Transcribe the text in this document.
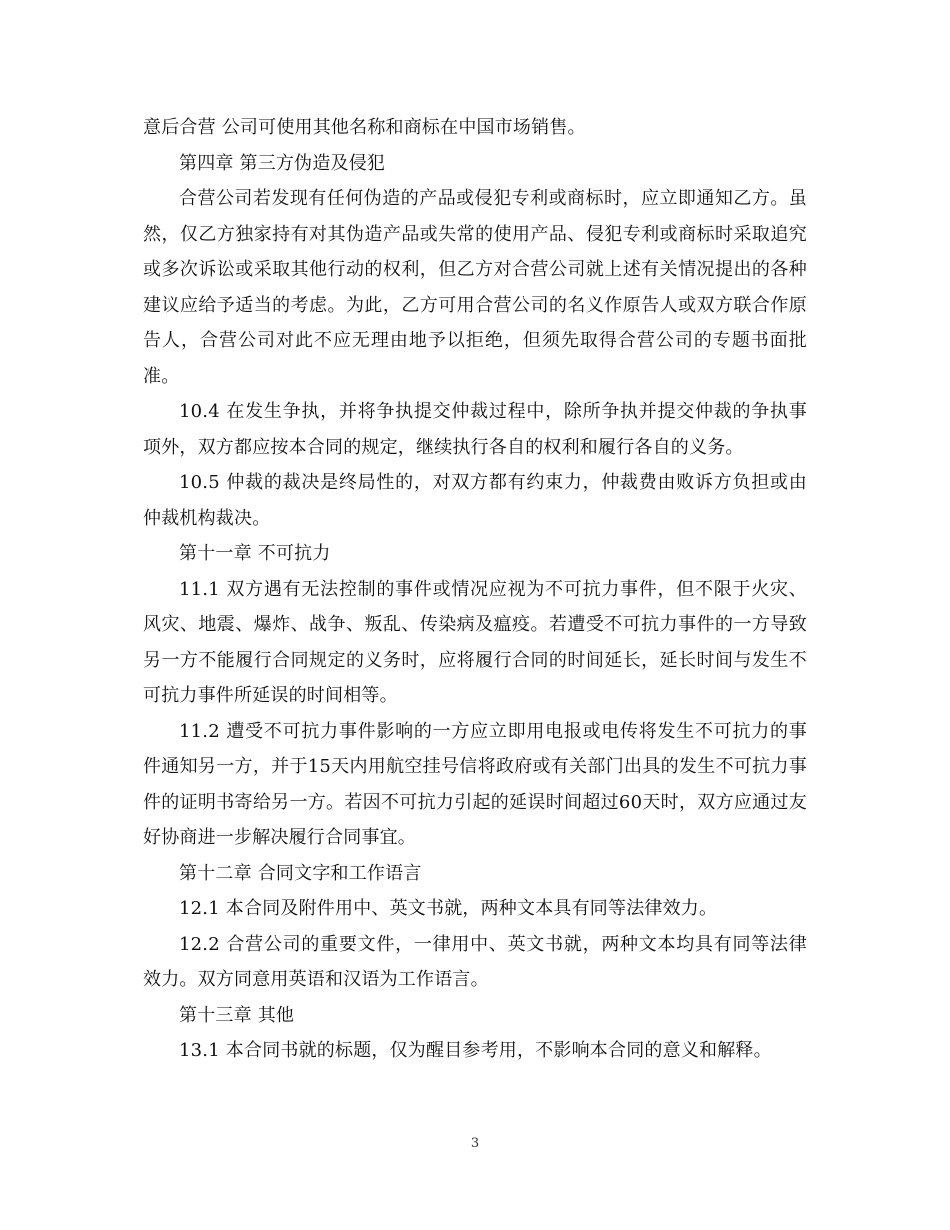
意后合营 公司可使用其他名称和商标在中国市场销售。

第四章 第三方伪造及侵犯

合营公司若发现有任何伪造的产品或侵犯专利或商标时，应立即通知乙方。虽然，仅乙方独家持有对其伪造产品或失常的使用产品、侵犯专利或商标时采取追究或多次诉讼或采取其他行动的权利，但乙方对合营公司就上述有关情况提出的各种建议应给予适当的考虑。为此，乙方可用合营公司的名义作原告人或双方联合作原告人，合营公司对此不应无理由地予以拒绝，但须先取得合营公司的专题书面批准。

10.4 在发生争执，并将争执提交仲裁过程中，除所争执并提交仲裁的争执事项外，双方都应按本合同的规定，继续执行各自的权利和履行各自的义务。

10.5 仲裁的裁决是终局性的，对双方都有约束力，仲裁费由败诉方负担或由仲裁机构裁决。

第十一章 不可抗力

11.1 双方遇有无法控制的事件或情况应视为不可抗力事件，但不限于火灾、风灾、地震、爆炸、战争、叛乱、传染病及瘟疫。若遭受不可抗力事件的一方导致另一方不能履行合同规定的义务时，应将履行合同的时间延长，延长时间与发生不可抗力事件所延误的时间相等。

11.2 遭受不可抗力事件影响的一方应立即用电报或电传将发生不可抗力的事件通知另一方，并于15天内用航空挂号信将政府或有关部门出具的发生不可抗力事件的证明书寄给另一方。若因不可抗力引起的延误时间超过60天时，双方应通过友好协商进一步解决履行合同事宜。

第十二章 合同文字和工作语言

12.1 本合同及附件用中、英文书就，两种文本具有同等法律效力。

12.2 合营公司的重要文件，一律用中、英文书就，两种文本均具有同等法律效力。双方同意用英语和汉语为工作语言。

第十三章 其他

13.1 本合同书就的标题，仅为醒目参考用，不影响本合同的意义和解释。

3
